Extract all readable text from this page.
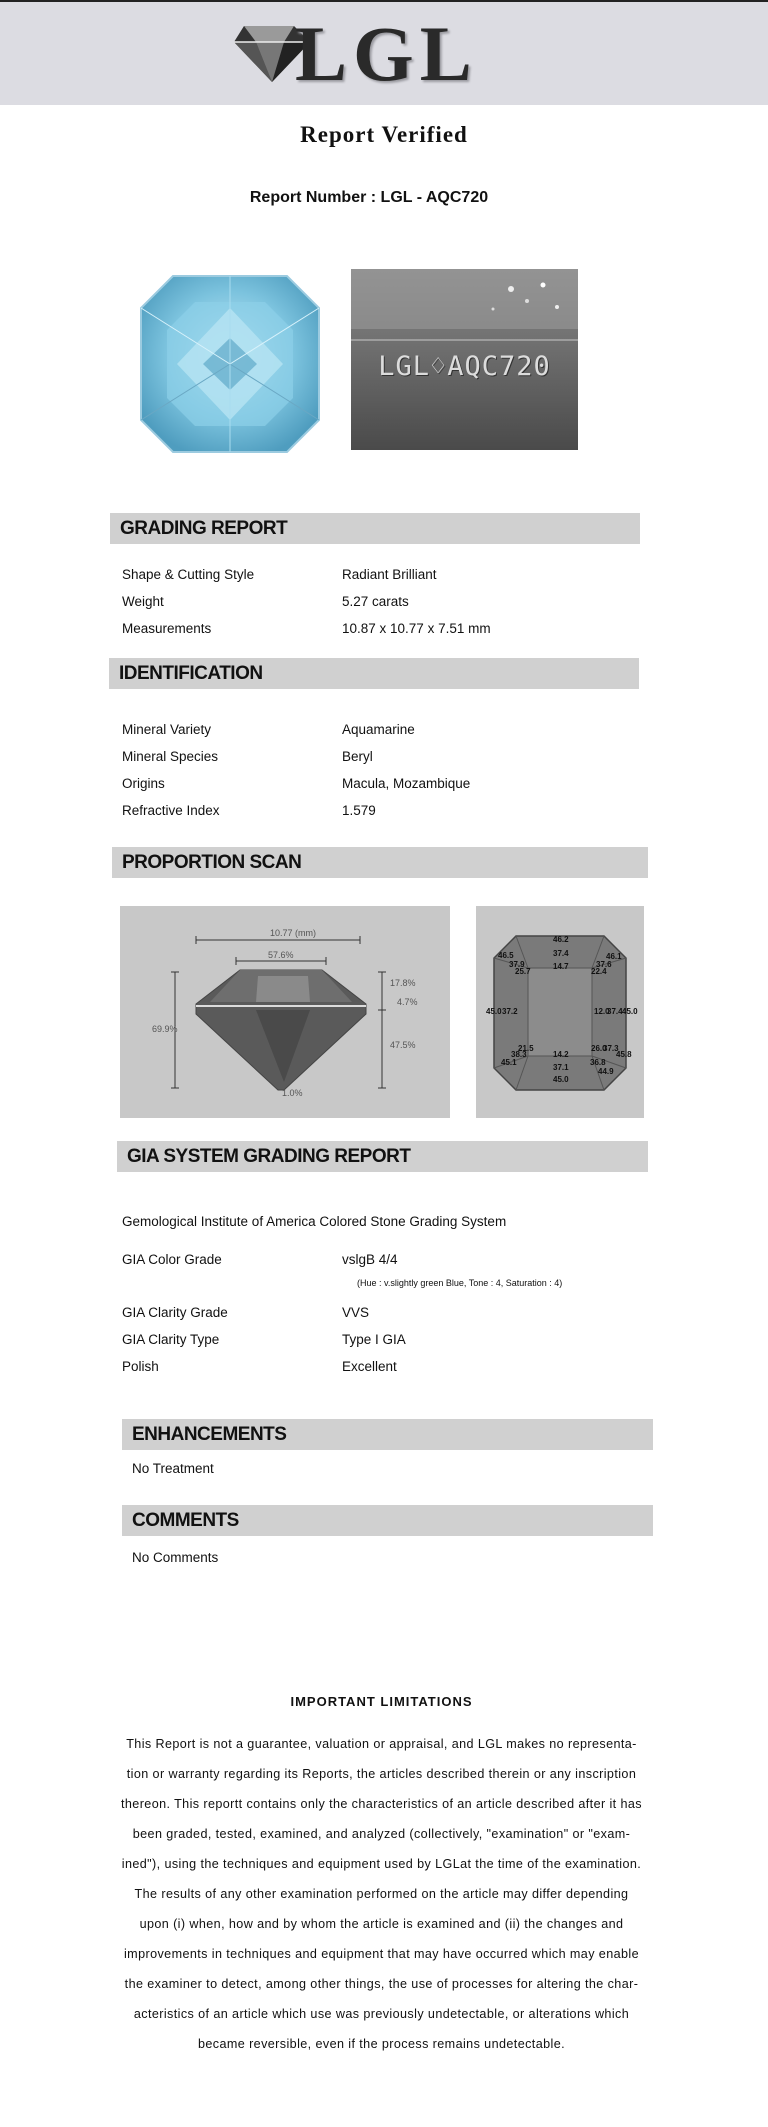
LGL
Report Verified
Report Number : LGL - AQC720
LGL♢AQC720
GRADING REPORT
Shape & Cutting Style	Radiant Brilliant
Weight	5.27 carats
Measurements	10.87 x 10.77 x 7.51 mm
IDENTIFICATION
Mineral Variety	Aquamarine
Mineral Species	Beryl
Origins	Macula, Mozambique
Refractive Index	1.579
PROPORTION SCAN
10.77 (mm)
57.6%
69.9%
17.8%
4.7%
47.5%
1.0%
46.2
37.4
46.5	46.1
37.9
25.7
14.7
22.4
37.6
45.0 37.2	12.0
37.4 45.0
21.5
38.3
45.1
14.2
37.1
26.0
37.3
45.8
36.8
44.9
45.0
GIA SYSTEM GRADING REPORT
Gemological Institute of America Colored Stone Grading System
GIA Color Grade	vslgB 4/4
(Hue : v.slightly green Blue, Tone : 4, Saturation : 4)
GIA Clarity Grade	VVS
GIA Clarity Type	Type I GIA
Polish	Excellent
ENHANCEMENTS
No Treatment
COMMENTS
No Comments
IMPORTANT LIMITATIONS
This Report is not a guarantee, valuation or appraisal, and LGL makes no representa-
tion or warranty regarding its Reports, the articles described therein or any inscription
thereon. This reportt contains only the characteristics of an article described after it has
been graded, tested, examined, and analyzed (collectively, "examination" or "exam-
ined"), using the techniques and equipment used by LGLat the time of the examination.
The results of any other examination performed on the article may differ depending
upon (i) when, how and by whom the article is examined and (ii) the changes and
improvements in techniques and equipment that may have occurred which may enable
the examiner to detect, among other things, the use of processes for altering the char-
acteristics of an article which use was previously undetectable, or alterations which
became reversible, even if the process remains undetectable.
